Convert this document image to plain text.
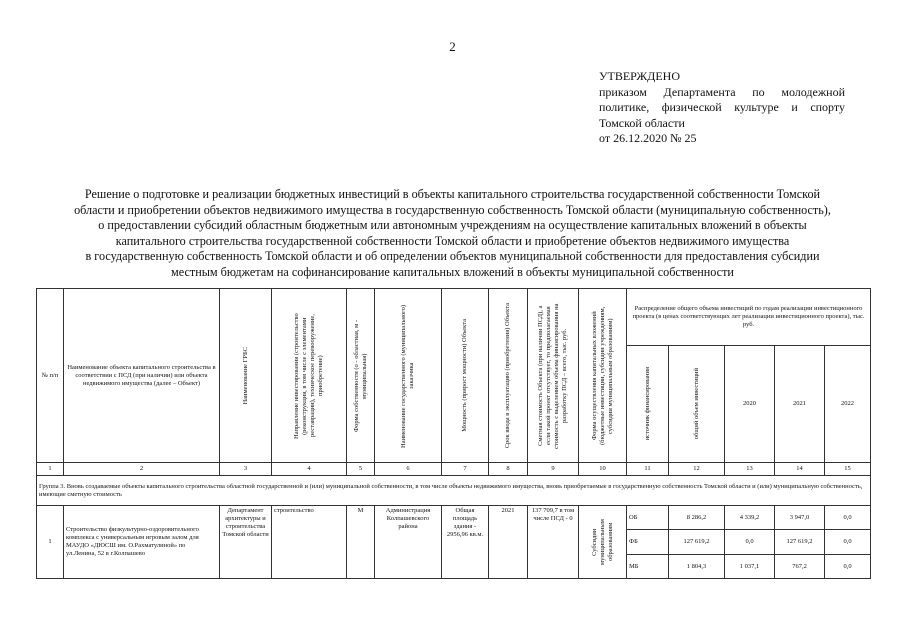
2
УТВЕРЖДЕНО
приказом Департамента по молодежной
политике, физической культуре и спорту
Томской области
от 26.12.2020 № 25
Решение о подготовке и реализации бюджетных инвестиций в объекты капитального строительства государственной собственности Томской
области и приобретении объектов недвижимого имущества в государственную собственность Томской области (муниципальную собственность),
о предоставлении субсидий областным бюджетным или автономным учреждениям на осуществление капитальных вложений в объекты
капитального строительства государственной собственности Томской области и приобретение объектов недвижимого имущества
в государственную собственность Томской области и об определении объектов муниципальной собственности для предоставления субсидии
местным бюджетам на софинансирование капитальных вложений в объекты муниципальной собственности
№ п/п	Наименование объекта капитального строительства в соответствии с ПСД (при наличии) или объекта недвижимого имущества (далее – Объект)	Наименование ГРБС	Направление инвестирования (строительство (реконструкция, в том числе с элементами реставрации), техническое перевооружение, приобретение)	Форма собственности (о - областная, м - муниципальная)	Наименование государственного (муниципального) заказчика	Мощность (прирост мощности) Объекта	Срок ввода в эксплуатацию (приобретения) Объекта	Сметная стоимость Объекта (при наличии ПСД), а если такой проект отсутствует, то предполагаемая стоимость с выделением объема финансирования на разработку ПСД – всего, тыс. руб.	Форма осуществления капитальных вложений (бюджетные инвестиции, субсидии учреждениям, субсидии муниципальным образованиям)	Распределение общего объема инвестиций по годам реализации инвестиционного проекта (в ценах соответствующих лет реализации инвестиционного проекта), тыс. руб.				

										источник финансирования	общий объем инвестиций	2020	2021	2022
1	2	3	4	5	6	7	8	9	10	11	12	13	14	15
Группа 3. Вновь создаваемые объекты капитального строительства областной государственной и (или) муниципальной собственности, в том числе объекты недвижимого имущества, вновь приобретаемые в государственную собственность Томской области и (или) муниципальную собственность, имеющие сметную стоимость														
1	Строительство физкультурно-оздоровительного комплекса с универсальным игровым залом для МАУДО «ДЮСШ им. О.Рахматулиной» по ул.Ленина, 52 в г.Колпашево	Департамент архитектуры и строительства Томской области	строительство	М	Администрация Колпашевского района	Общая площадь здания - 2956,96 кв.м.	2021	137 709,7 в том числе ПСД - 0	Субсидии муниципальным образованиям	ОБ	8 286,2	4 339,2	3 947,0	0,0
										ФБ	127 619,2	0,0	127 619,2	0,0
										МБ	1 804,3	1 037,1	767,2	0,0
